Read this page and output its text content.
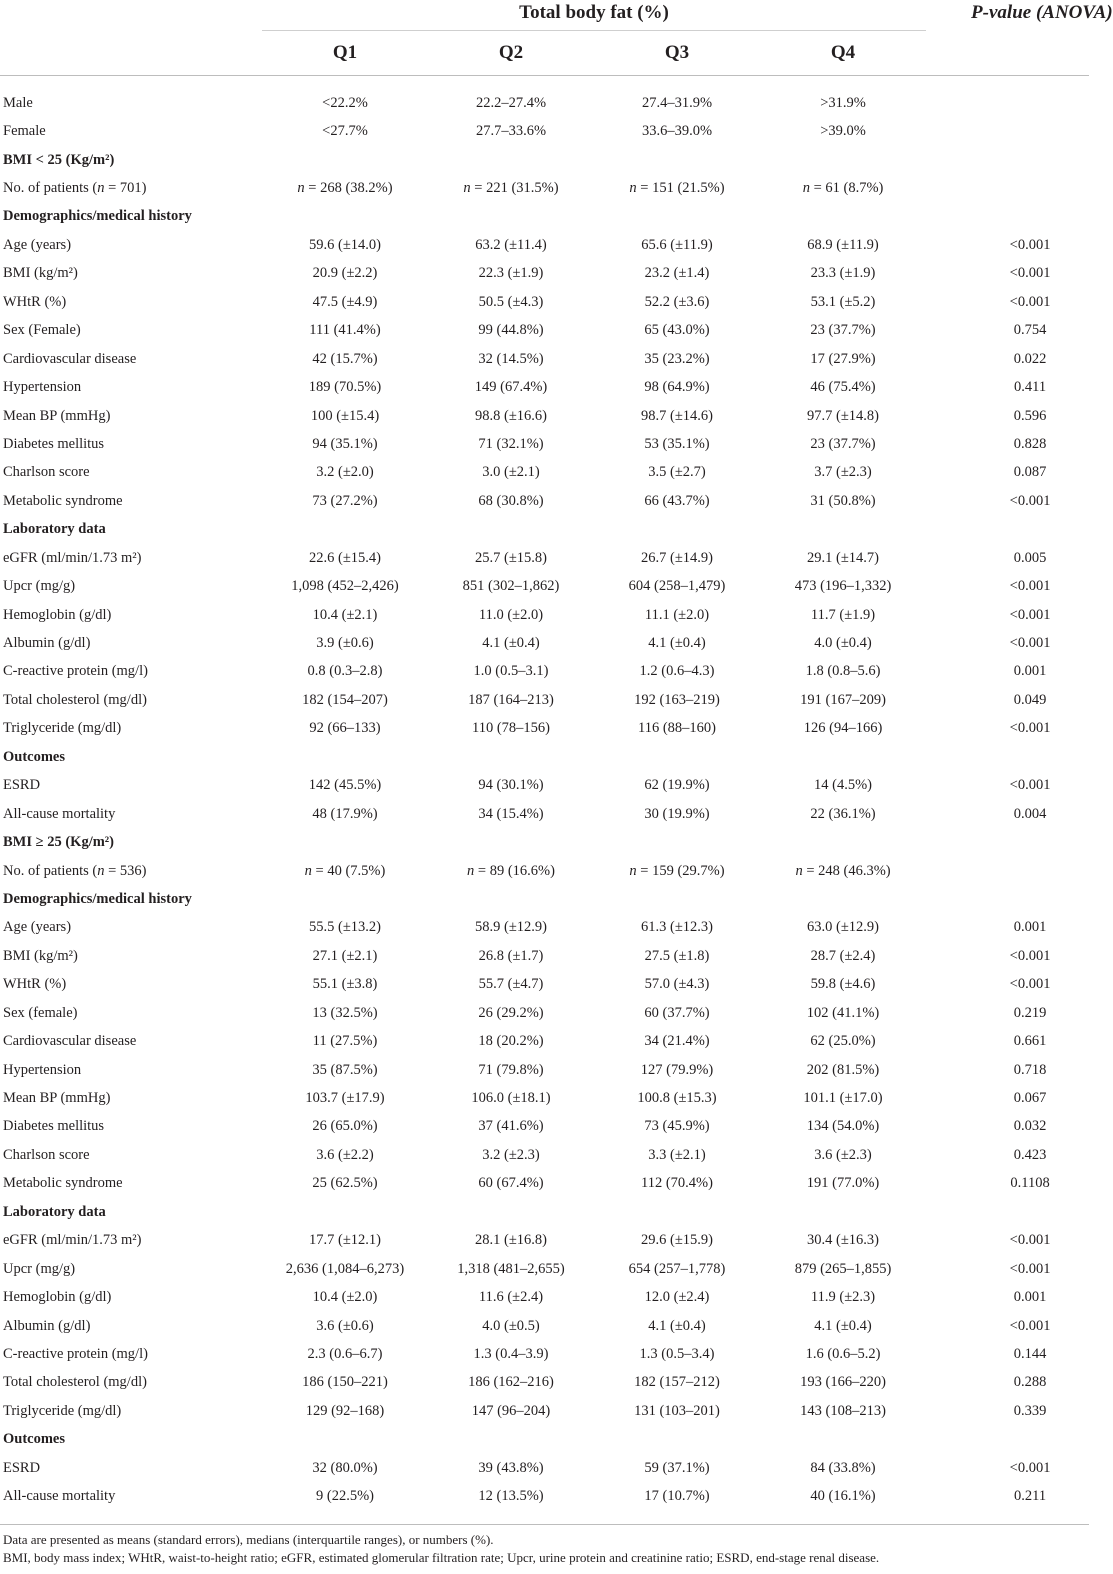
	Total body fat (%)				P-value (ANOVA)
	Q1	Q2	Q3	Q4	

Male	<22.2%	22.2–27.4%	27.4–31.9%	>31.9%	
Female	<27.7%	27.7–33.6%	33.6–39.0%	>39.0%	
BMI < 25 (Kg/m²)					
No. of patients (n = 701)	n = 268 (38.2%)	n = 221 (31.5%)	n = 151 (21.5%)	n = 61 (8.7%)	
Demographics/medical history					
Age (years)	59.6 (±14.0)	63.2 (±11.4)	65.6 (±11.9)	68.9 (±11.9)	<0.001
BMI (kg/m²)	20.9 (±2.2)	22.3 (±1.9)	23.2 (±1.4)	23.3 (±1.9)	<0.001
WHtR (%)	47.5 (±4.9)	50.5 (±4.3)	52.2 (±3.6)	53.1 (±5.2)	<0.001
Sex (Female)	111 (41.4%)	99 (44.8%)	65 (43.0%)	23 (37.7%)	0.754
Cardiovascular disease	42 (15.7%)	32 (14.5%)	35 (23.2%)	17 (27.9%)	0.022
Hypertension	189 (70.5%)	149 (67.4%)	98 (64.9%)	46 (75.4%)	0.411
Mean BP (mmHg)	100 (±15.4)	98.8 (±16.6)	98.7 (±14.6)	97.7 (±14.8)	0.596
Diabetes mellitus	94 (35.1%)	71 (32.1%)	53 (35.1%)	23 (37.7%)	0.828
Charlson score	3.2 (±2.0)	3.0 (±2.1)	3.5 (±2.7)	3.7 (±2.3)	0.087
Metabolic syndrome	73 (27.2%)	68 (30.8%)	66 (43.7%)	31 (50.8%)	<0.001
Laboratory data					
eGFR (ml/min/1.73 m²)	22.6 (±15.4)	25.7 (±15.8)	26.7 (±14.9)	29.1 (±14.7)	0.005
Upcr (mg/g)	1,098 (452–2,426)	851 (302–1,862)	604 (258–1,479)	473 (196–1,332)	<0.001
Hemoglobin (g/dl)	10.4 (±2.1)	11.0 (±2.0)	11.1 (±2.0)	11.7 (±1.9)	<0.001
Albumin (g/dl)	3.9 (±0.6)	4.1 (±0.4)	4.1 (±0.4)	4.0 (±0.4)	<0.001
C-reactive protein (mg/l)	0.8 (0.3–2.8)	1.0 (0.5–3.1)	1.2 (0.6–4.3)	1.8 (0.8–5.6)	0.001
Total cholesterol (mg/dl)	182 (154–207)	187 (164–213)	192 (163–219)	191 (167–209)	0.049
Triglyceride (mg/dl)	92 (66–133)	110 (78–156)	116 (88–160)	126 (94–166)	<0.001
Outcomes					
ESRD	142 (45.5%)	94 (30.1%)	62 (19.9%)	14 (4.5%)	<0.001
All-cause mortality	48 (17.9%)	34 (15.4%)	30 (19.9%)	22 (36.1%)	0.004
BMI ≥ 25 (Kg/m²)					
No. of patients (n = 536)	n = 40 (7.5%)	n = 89 (16.6%)	n = 159 (29.7%)	n = 248 (46.3%)	
Demographics/medical history					
Age (years)	55.5 (±13.2)	58.9 (±12.9)	61.3 (±12.3)	63.0 (±12.9)	0.001
BMI (kg/m²)	27.1 (±2.1)	26.8 (±1.7)	27.5 (±1.8)	28.7 (±2.4)	<0.001
WHtR (%)	55.1 (±3.8)	55.7 (±4.7)	57.0 (±4.3)	59.8 (±4.6)	<0.001
Sex (female)	13 (32.5%)	26 (29.2%)	60 (37.7%)	102 (41.1%)	0.219
Cardiovascular disease	11 (27.5%)	18 (20.2%)	34 (21.4%)	62 (25.0%)	0.661
Hypertension	35 (87.5%)	71 (79.8%)	127 (79.9%)	202 (81.5%)	0.718
Mean BP (mmHg)	103.7 (±17.9)	106.0 (±18.1)	100.8 (±15.3)	101.1 (±17.0)	0.067
Diabetes mellitus	26 (65.0%)	37 (41.6%)	73 (45.9%)	134 (54.0%)	0.032
Charlson score	3.6 (±2.2)	3.2 (±2.3)	3.3 (±2.1)	3.6 (±2.3)	0.423
Metabolic syndrome	25 (62.5%)	60 (67.4%)	112 (70.4%)	191 (77.0%)	0.1108
Laboratory data					
eGFR (ml/min/1.73 m²)	17.7 (±12.1)	28.1 (±16.8)	29.6 (±15.9)	30.4 (±16.3)	<0.001
Upcr (mg/g)	2,636 (1,084–6,273)	1,318 (481–2,655)	654 (257–1,778)	879 (265–1,855)	<0.001
Hemoglobin (g/dl)	10.4 (±2.0)	11.6 (±2.4)	12.0 (±2.4)	11.9 (±2.3)	0.001
Albumin (g/dl)	3.6 (±0.6)	4.0 (±0.5)	4.1 (±0.4)	4.1 (±0.4)	<0.001
C-reactive protein (mg/l)	2.3 (0.6–6.7)	1.3 (0.4–3.9)	1.3 (0.5–3.4)	1.6 (0.6–5.2)	0.144
Total cholesterol (mg/dl)	186 (150–221)	186 (162–216)	182 (157–212)	193 (166–220)	0.288
Triglyceride (mg/dl)	129 (92–168)	147 (96–204)	131 (103–201)	143 (108–213)	0.339
Outcomes					
ESRD	32 (80.0%)	39 (43.8%)	59 (37.1%)	84 (33.8%)	<0.001
All-cause mortality	9 (22.5%)	12 (13.5%)	17 (10.7%)	40 (16.1%)	0.211

Data are presented as means (standard errors), medians (interquartile ranges), or numbers (%).
BMI, body mass index; WHtR, waist-to-height ratio; eGFR, estimated glomerular filtration rate; Upcr, urine protein and creatinine ratio; ESRD, end-stage renal disease.
